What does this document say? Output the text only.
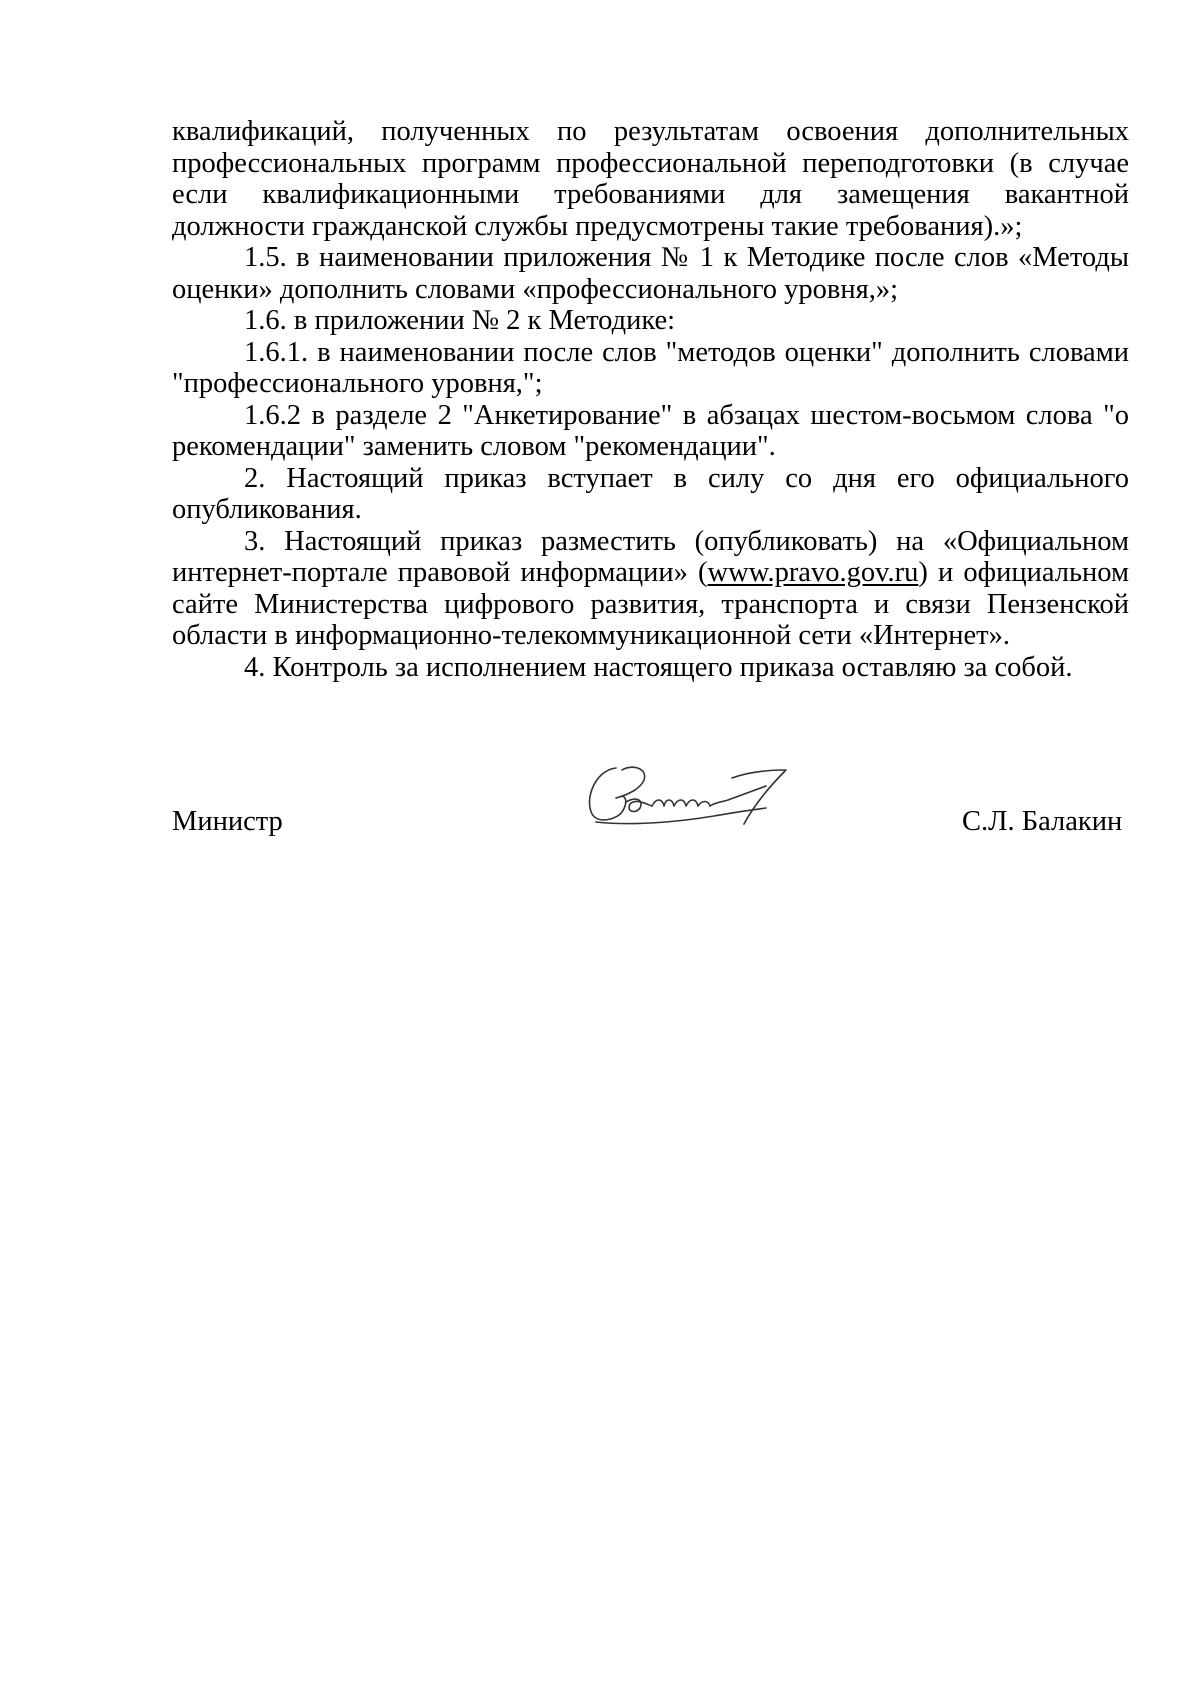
квалификаций, полученных по результатам освоения дополнительных профессиональных программ профессиональной переподготовки (в случае если квалификационными требованиями для замещения вакантной должности гражданской службы предусмотрены такие требования).»;

1.5. в наименовании приложения № 1 к Методике после слов «Методы оценки» дополнить словами «профессионального уровня,»;

1.6. в приложении № 2 к Методике:

1.6.1. в наименовании после слов "методов оценки" дополнить словами "профессионального уровня,";

1.6.2 в разделе 2 "Анкетирование" в абзацах шестом-восьмом слова "о рекомендации" заменить словом "рекомендации".

2. Настоящий приказ вступает в силу со дня его официального опубликования.

3. Настоящий приказ разместить (опубликовать) на «Официальном интернет-портале правовой информации» (www.pravo.gov.ru) и официальном сайте Министерства цифрового развития, транспорта и связи Пензенской области в информационно-телекоммуникационной сети «Интернет».

4. Контроль за исполнением настоящего приказа оставляю за собой.

Министр	С.Л. Балакин
